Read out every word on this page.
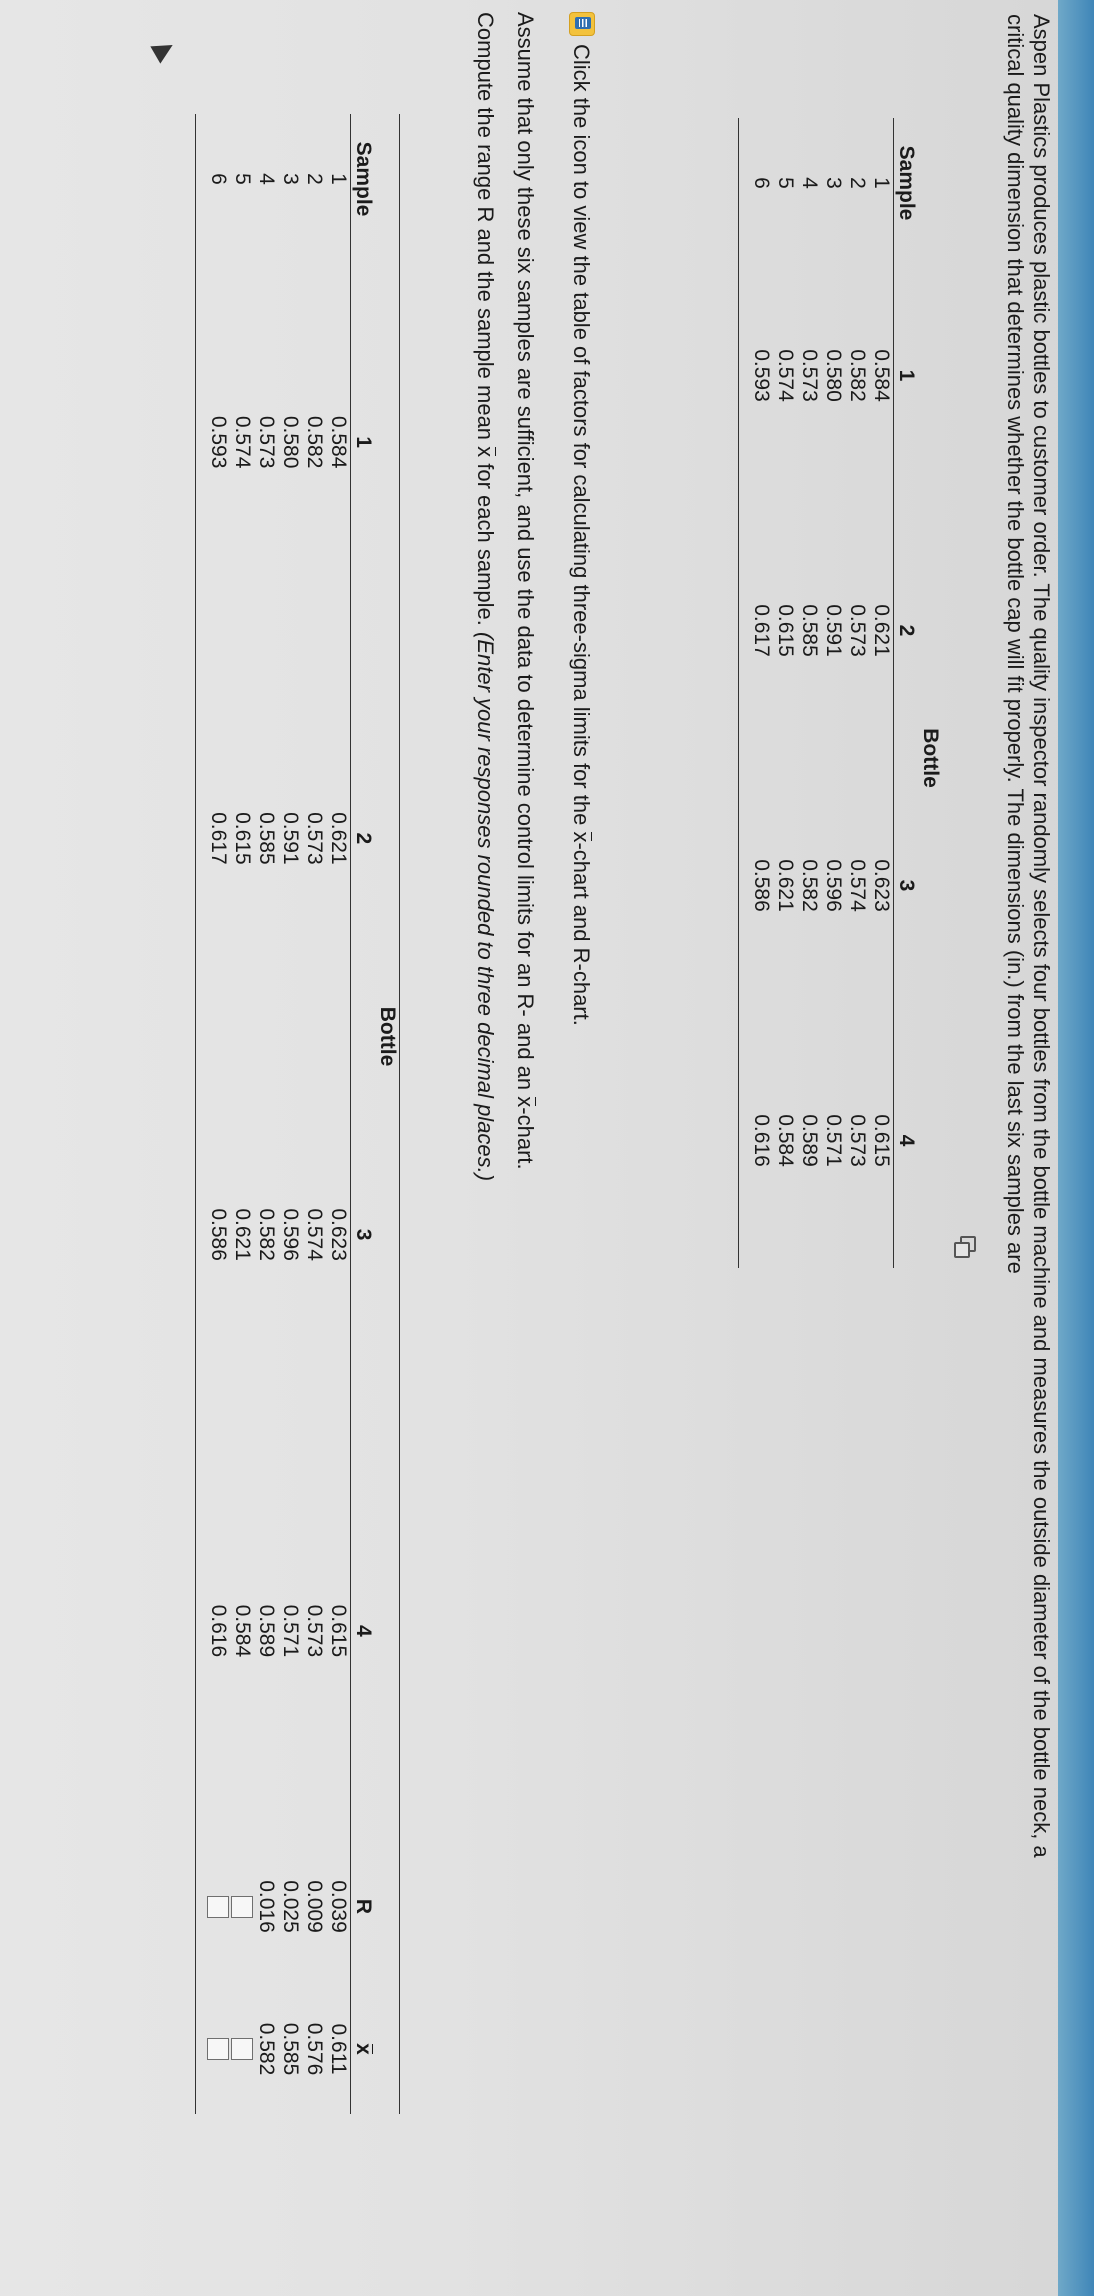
Aspen Plastics produces plastic bottles to customer order. The quality inspector randomly selects four bottles from the bottle machine and measures the outside diameter of the bottle neck, a
critical quality dimension that determines whether the bottle cap will fit properly. The dimensions (in.) from the last six samples are
	Bottle			
Sample	1	2	3	4
1	0.584	0.621	0.623	0.615
2	0.582	0.573	0.574	0.573
3	0.580	0.591	0.596	0.571
4	0.573	0.585	0.582	0.589
5	0.574	0.615	0.621	0.584
6	0.593	0.617	0.586	0.616

Click the icon to view the table of factors for calculating three-sigma limits for the x-chart and R-chart.
Assume that only these six samples are sufficient, and use the data to determine control limits for an R- and an x-chart.
Compute the range R and the sample mean x for each sample. (Enter your responses rounded to three decimal places.)
	Bottle					
Sample	1	2	3	4	R	x
1	0.584	0.621	0.623	0.615	0.039	0.611
2	0.582	0.573	0.574	0.573	0.009	0.576
3	0.580	0.591	0.596	0.571	0.025	0.585
4	0.573	0.585	0.582	0.589	0.016	0.582
5	0.574	0.615	0.621	0.584		
6	0.593	0.617	0.586	0.616		
